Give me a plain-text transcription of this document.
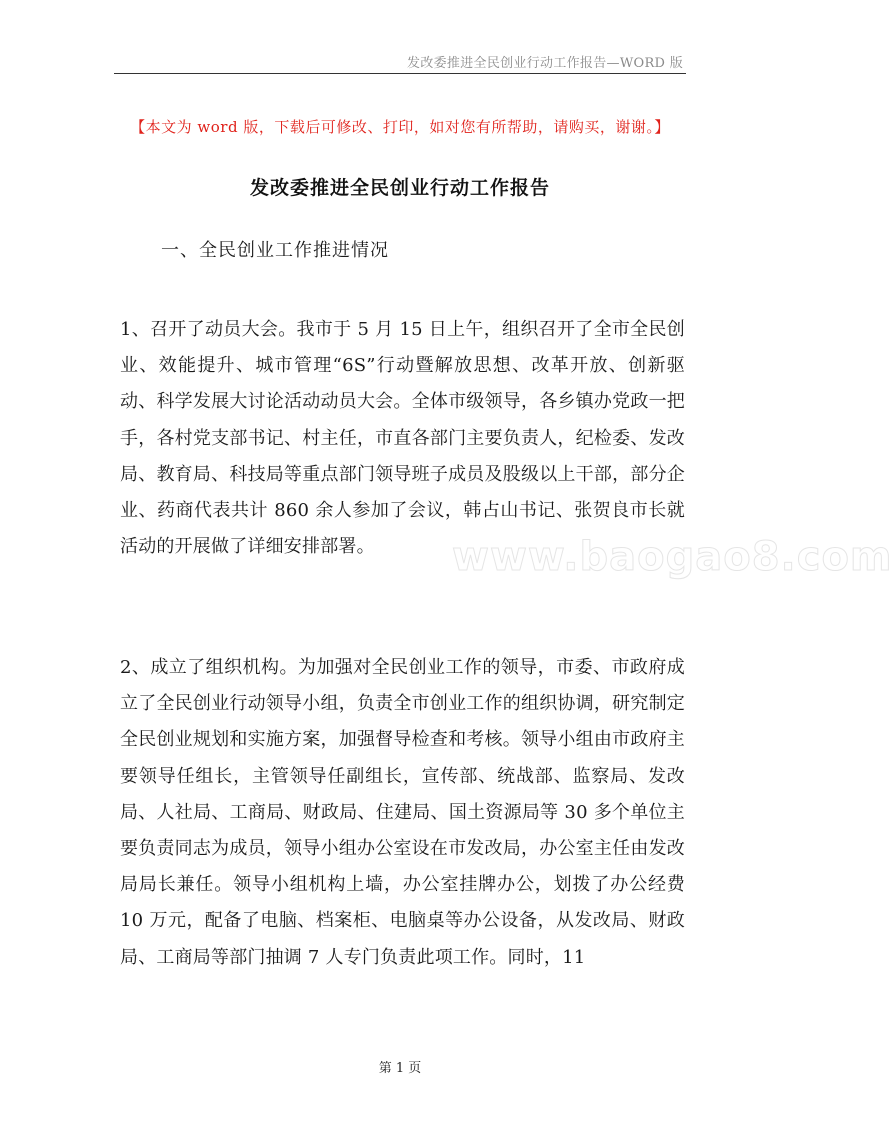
发改委推进全民创业行动工作报告—WORD 版
【本文为 word 版，下载后可修改、打印，如对您有所帮助，请购买，谢谢。】
发改委推进全民创业行动工作报告
一、全民创业工作推进情况
1、召开了动员大会。我市于 5 月 15 日上午，组织召开了全市全民创业、效能提升、城市管理“6S”行动暨解放思想、改革开放、创新驱动、科学发展大讨论活动动员大会。全体市级领导，各乡镇办党政一把手，各村党支部书记、村主任，市直各部门主要负责人，纪检委、发改局、教育局、科技局等重点部门领导班子成员及股级以上干部，部分企业、药商代表共计 860 余人参加了会议，韩占山书记、张贺良市长就活动的开展做了详细安排部署。	www.baogao8.com
2、成立了组织机构。为加强对全民创业工作的领导，市委、市政府成立了全民创业行动领导小组，负责全市创业工作的组织协调，研究制定全民创业规划和实施方案，加强督导检查和考核。领导小组由市政府主要领导任组长，主管领导任副组长，宣传部、统战部、监察局、发改局、人社局、工商局、财政局、住建局、国土资源局等 30 多个单位主要负责同志为成员，领导小组办公室设在市发改局，办公室主任由发改局局长兼任。领导小组机构上墙，办公室挂牌办公，划拨了办公经费 10 万元，配备了电脑、档案柜、电脑桌等办公设备，从发改局、财政局、工商局等部门抽调 7 人专门负责此项工作。同时，11
第 1 页
